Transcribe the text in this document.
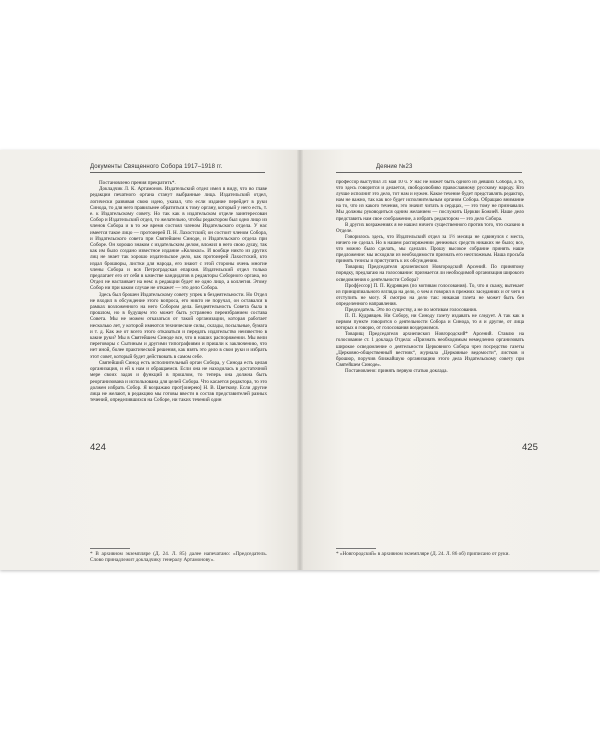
Документы Священного Собора 1917–1918 гг.

Постановлено прения прекратить*.

Докладчик Л. К. Артамонов. Издательский отдел имел в виду, что во главе редакции печатного органа станут выбранные лица. Издательский отдел, логически развивая свою идею, указал, что если издание перейдет в руки Синода, то для него правильнее обратиться к тому органу, который у него есть, т. е. к Издательскому совету. Но так как в издательском отделе заинтересован Собор и Издательский отдел, то желательно, чтобы редактором был одно лицо из членов Собора и в то же время состоял членом Издательского отдела. У нас имеется такое лицо — протоиерей П. Н. Лахостский; он состоит членом Собора, и Издательского совета при Святейшем Синоде, и Издательского отдела при Соборе. Он хорошо знаком с издательским делом, вложил в него свою душу, так как им было создано известное издание «Колокол». И вообще никто из других лиц не знает так хорошо издательское дело, как протоиерей Лахостский, кто издал брошюры, листки для народа, его знают с этой стороны очень многие члены Собора и вся Петроградская епархия. Издательский отдел только предлагает его от себя в качестве кандидатов в редакторы Соборного органа, но Отдел не настаивает на нем: в редакции будет не одно лицо, а коллегия. Этому Собор ни при каком случае не откажет — это дело Собора.

Здесь был брошен Издательскому совету упрек в бездеятельности. Но Отдел не входил в обсуждение этого вопроса, его никто не поручал, он оставался в рамках возложенного на него Собором дела. Бездеятельность Совета была в прошлом, но в будущем это может быть устранено переизбранием состава Совета. Мы не можем отказаться от такой организации, которая работает несколько лет, у которой имеются технические силы, склады, посыльные, бумага и т. д. Как же от всего этого отказаться и передать издательство неизвестно в какие руки? Мы в Святейшем Синоде все, что в наших распоряжении. Мы вели переговоры с Сытиным и другими типографиями и пришли к заключению, что нет иной, более практической решения, как взять это дело в свои руки и избрать этот совет, который будет действовать в самом себе.

Святейший Синод есть исполнительный орган Собора, у Синода есть целая организация, и ей к нам и обращаемся. Если она не находилась в достаточной мере своих задач и функций в прошлом, то теперь она должна быть реорганизована и использована для целей Собора. Что касается редактора, то это должен избрать Собор. Я возражаю прот[оиерею] Н. В. Цветкову. Если другие лица не желают, в редакцию мы готовы ввести в состав представителей разных течений, определившихся на Соборе, ни таких течений один

424
Деяние №23

профессор выступил 31 мая 10 ч. У нас не может быть одного из девших Собора, а то, что здесь говорится и делается, свободолюбиво православному русскому народу. Кто лучше исполнит это дело, тот нам и нужен. Какое течение будет представлять редактор, нам не важно, так как все будет исполнительным органом Собора. Обращаю внимание на то, что из какого течения, это значит читать в сердцах, — это тому не признавали. Мы должны руководиться одним желанием — послужить Церкви Божией. Наше дело представить нам свое соображение, а избрать редактором — это дело Собора.

В других возражениях я не нашел ничего существенного против того, что сказано в Отделе.

Говорилось здесь, что Издательский отдел за 1½ месяца не сдвинулся с места, ничего не сделал. Но в нашем распоряжении денежных средств никаких не было; все, что можно было сделать, мы сделали. Прошу высокое собрание принять наше предложение: мы исходили из необходимости признать его неотложным. Наша просьба принять тезисы и приступить к их обсуждению.

Товарищ Председателя архиепископ Новгородский Арсений. По принятому порядку, предлагаю на голосование: признается ли необходимой организация широкого осведомления о деятельности Собора?

Проф[ессор] П. П. Кудрявцев (по мотивам голосования). То, что я скажу, вытекает из принципиального взгляда на дело, о чем я говорил в прежних заседаниях и от чего я отступить не могу. Я смотрю на дело так: никакая газета не может быть без определенного направления.

Председатель. Это по существу, а не по мотивам голосования.

П. П. Кудрявцев. Ни Собору, ни Синоду газету издавать не следует. А так как в первом пункте говорится о деятельности Собора и Синода, то я и другие, от лица которых я говорю, от голосования воздержимся.

Товарищ Председателя архиепископ Новгородский* Арсений. Ставлю на голосование ст. 1 доклада Отдела: «Признать необходимым немедленно организовать широкое осведомление о деятельности Церковного Собора чрез посредство газеты „Церковно-общественный вестник“, журнала „Церковные ведомости“, листков и брошюр, поручив ближайшую организацию этого дела Издательскому совету при Святейшем Синоде».

Постановлено: принять первую статью доклада.

425
* В архивном экземпляре (Д. 24. Л. 85) далее напечатано: «Председатель. Слово принадлежит докладчику генералу Артамонову».
* «Новгородский» в архивном экземпляре (Д. 24. Л. 86 об) приписано от руки.
